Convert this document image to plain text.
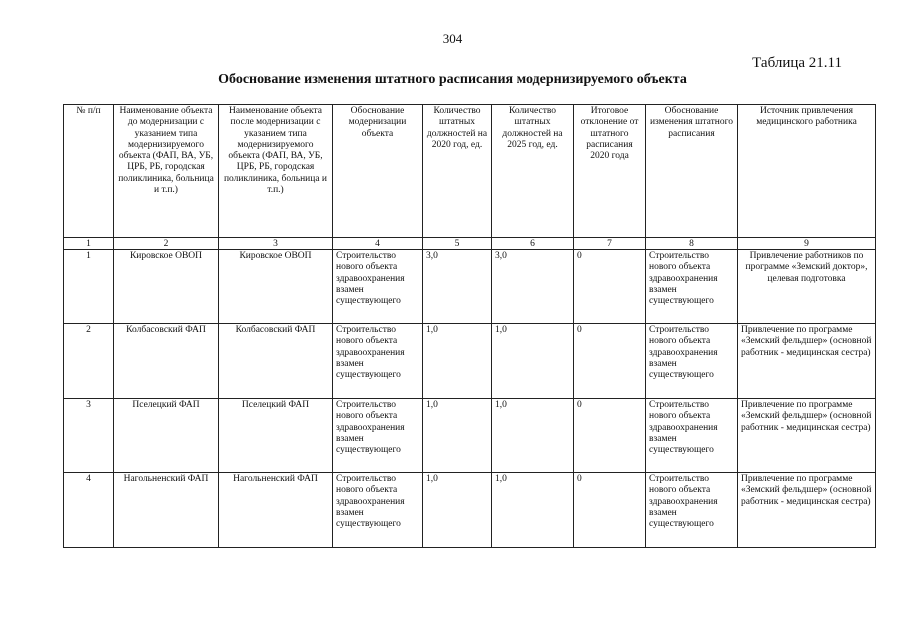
304
Таблица 21.11
Обоснование изменения штатного расписания модернизируемого объекта
№ п/п	Наименование объекта до модернизации с указанием типа модернизируемого объекта (ФАП, ВА, УБ, ЦРБ, РБ, городская поликлиника, больница и т.п.)	Наименование объекта после модернизации с указанием типа модернизируемого объекта (ФАП, ВА, УБ, ЦРБ, РБ, городская поликлиника, больница и т.п.)	Обоснование модернизации объекта	Количество штатных должностей на 2020 год, ед.	Количество штатных должностей на 2025 год, ед.	Итоговое отклонение от штатного расписания 2020 года	Обоснование изменения штатного расписания	Источник привлечения медицинского работника
1	2	3	4	5	6	7	8	9
1	Кировское ОВОП	Кировское ОВОП	Строительство нового объекта здравоохранения взамен существующего	3,0	3,0	0	Строительство нового объекта здравоохранения взамен существующего	Привлечение работников по программе «Земский доктор», целевая подготовка
2	Колбасовский ФАП	Колбасовский ФАП	Строительство нового объекта здравоохранения взамен существующего	1,0	1,0	0	Строительство нового объекта здравоохранения взамен существующего	Привлечение по программе «Земский фельдшер» (основной работник - медицинская сестра)
3	Пселецкий ФАП	Пселецкий ФАП	Строительство нового объекта здравоохранения взамен существующего	1,0	1,0	0	Строительство нового объекта здравоохранения взамен существующего	Привлечение по программе «Земский фельдшер» (основной работник - медицинская сестра)
4	Нагольненский ФАП	Нагольненский ФАП	Строительство нового объекта здравоохранения взамен существующего	1,0	1,0	0	Строительство нового объекта здравоохранения взамен существующего	Привлечение по программе «Земский фельдшер» (основной работник - медицинская сестра)
